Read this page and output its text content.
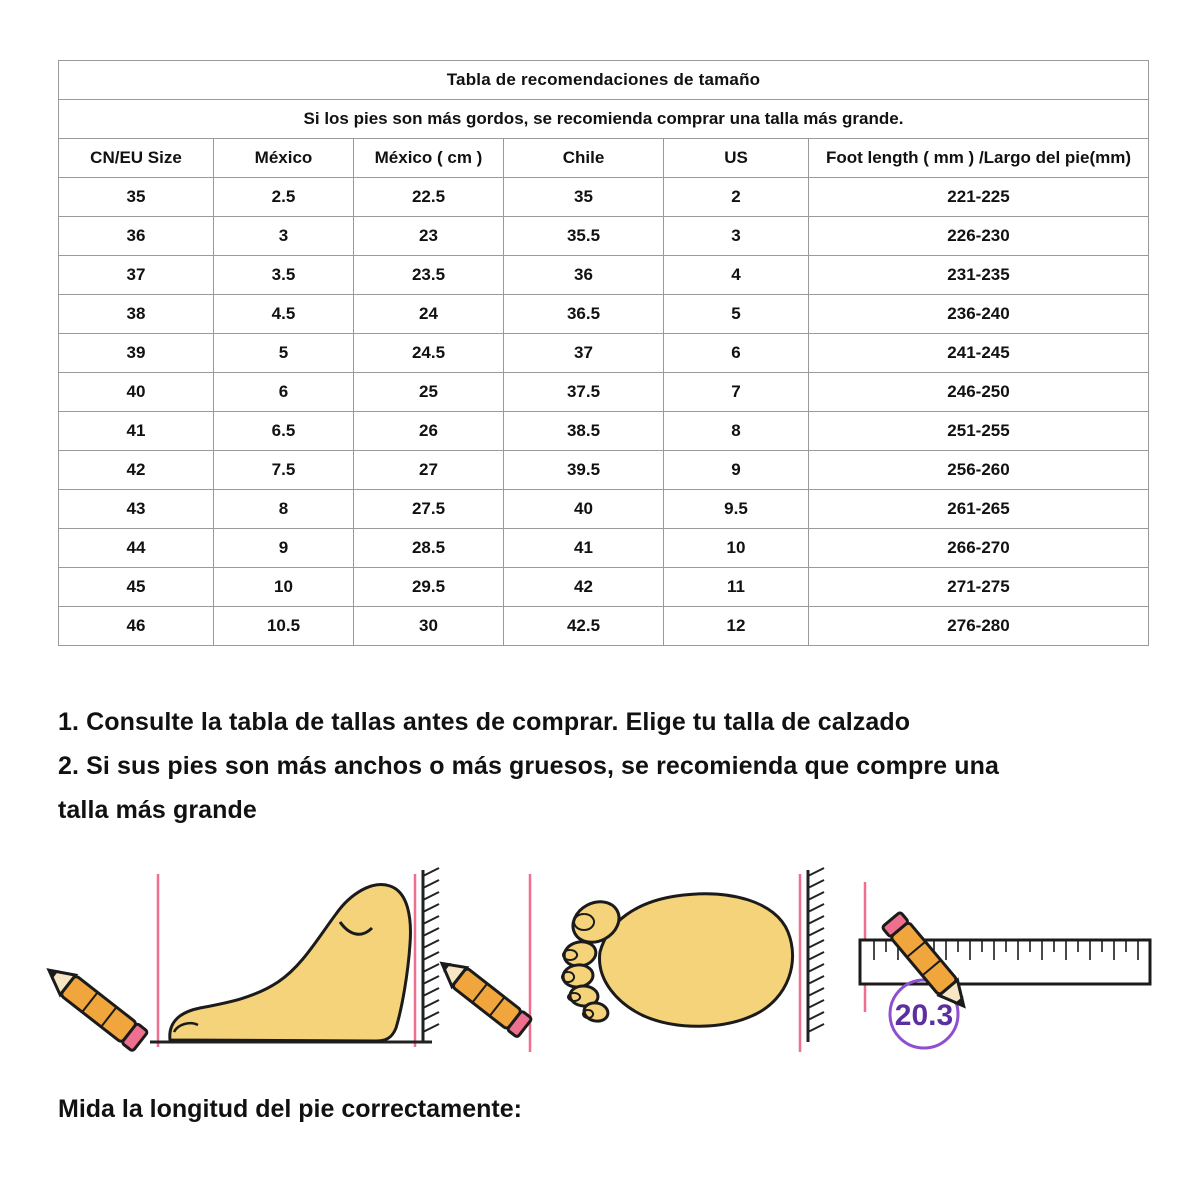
Tabla de recomendaciones de tamaño					
Si los pies son más gordos, se recomienda comprar una talla más grande.					
CN/EU Size	México	México ( cm )	Chile	US	Foot length ( mm ) /Largo del pie(mm)
35	2.5	22.5	35	2	221-225
36	3	23	35.5	3	226-230
37	3.5	23.5	36	4	231-235
38	4.5	24	36.5	5	236-240
39	5	24.5	37	6	241-245
40	6	25	37.5	7	246-250
41	6.5	26	38.5	8	251-255
42	7.5	27	39.5	9	256-260
43	8	27.5	40	9.5	261-265
44	9	28.5	41	10	266-270
45	10	29.5	42	11	271-275
46	10.5	30	42.5	12	276-280

1. Consulte la tabla de tallas antes de comprar. Elige tu talla de calzado

2. Si sus pies son más anchos o más gruesos, se recomienda que compre una

talla más grande

20.3
Mida la longitud del pie correctamente:
